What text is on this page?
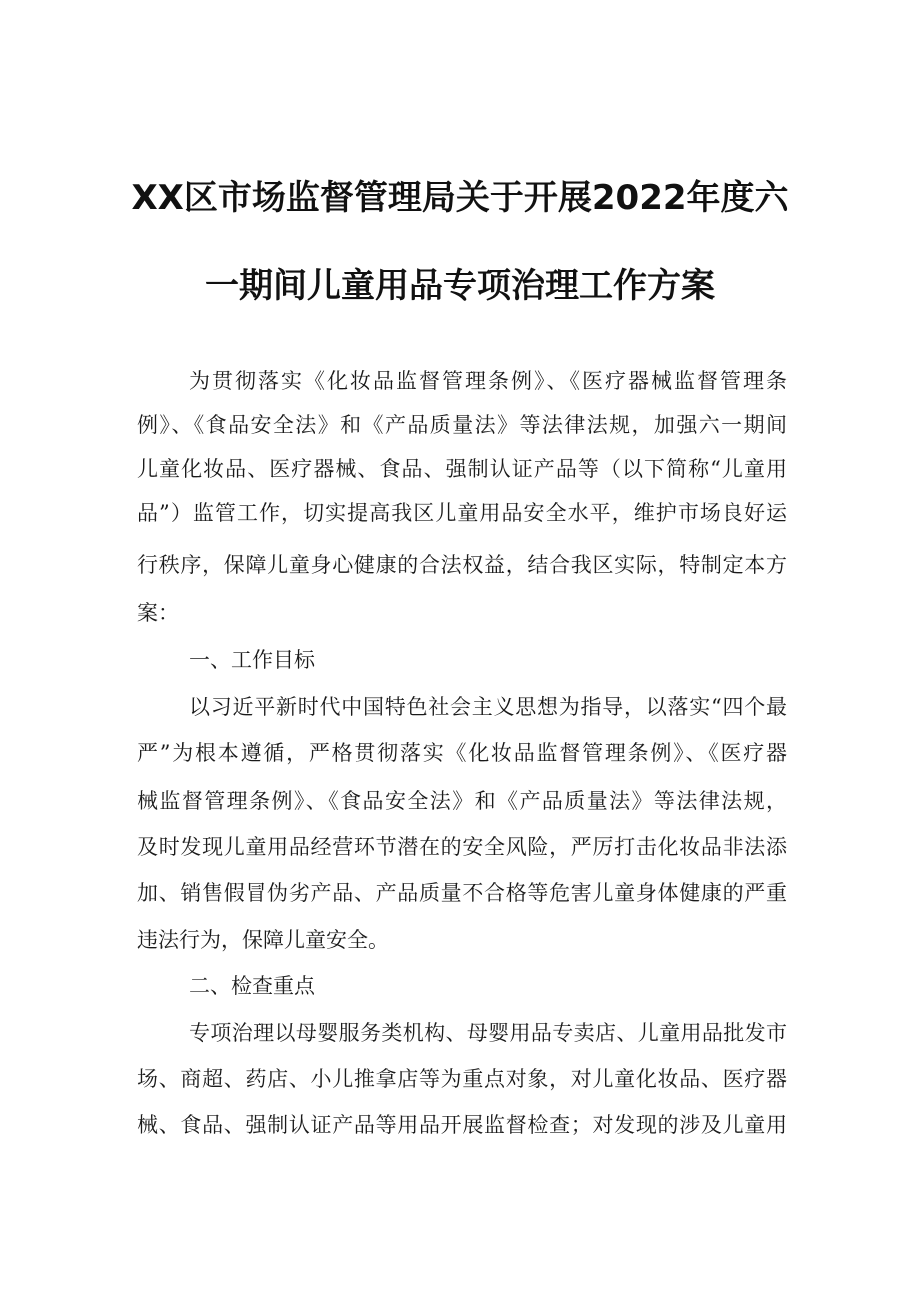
XX区市场监督管理局关于开展2022年度六
一期间儿童用品专项治理工作方案
为贯彻落实《化妆品监督管理条例》、《医疗器械监督管理条
例》、《食品安全法》和《产品质量法》等法律法规，加强六一期间
儿童化妆品、医疗器械、食品、强制认证产品等（以下简称“儿童用
品”）监管工作，切实提高我区儿童用品安全水平，维护市场良好运
行秩序，保障儿童身心健康的合法权益，结合我区实际，特制定本方
案：
一、工作目标
以习近平新时代中国特色社会主义思想为指导，以落实“四个最
严”为根本遵循，严格贯彻落实《化妆品监督管理条例》、《医疗器
械监督管理条例》、《食品安全法》和《产品质量法》等法律法规，
及时发现儿童用品经营环节潜在的安全风险，严厉打击化妆品非法添
加、销售假冒伪劣产品、产品质量不合格等危害儿童身体健康的严重
违法行为，保障儿童安全。
二、检查重点
专项治理以母婴服务类机构、母婴用品专卖店、儿童用品批发市
场、商超、药店、小儿推拿店等为重点对象，对儿童化妆品、医疗器
械、食品、强制认证产品等用品开展监督检查；对发现的涉及儿童用
